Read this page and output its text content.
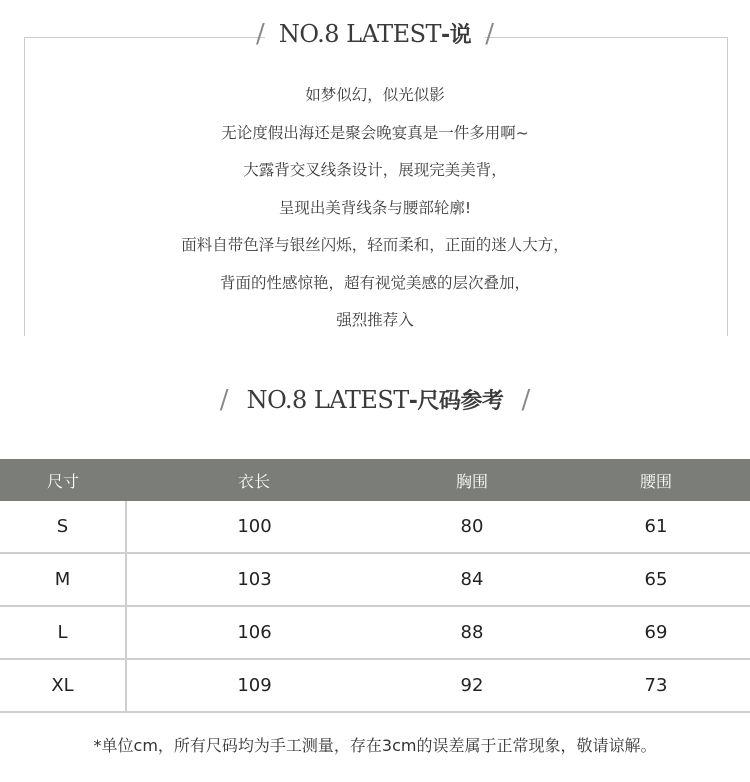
/ NO.8 LATEST-说 /
如梦似幻，似光似影
无论度假出海还是聚会晚宴真是一件多用啊~
大露背交叉线条设计，展现完美美背，
呈现出美背线条与腰部轮廓!
面料自带色泽与银丝闪烁，轻而柔和，正面的迷人大方，
背面的性感惊艳，超有视觉美感的层次叠加，
强烈推荐入
/ NO.8 LATEST-尺码参考 /
尺寸	衣长	胸围	腰围
S	100	80	61
M	103	84	65
L	106	88	69
XL	109	92	73
*单位cm，所有尺码均为手工测量，存在3cm的误差属于正常现象，敬请谅解。
